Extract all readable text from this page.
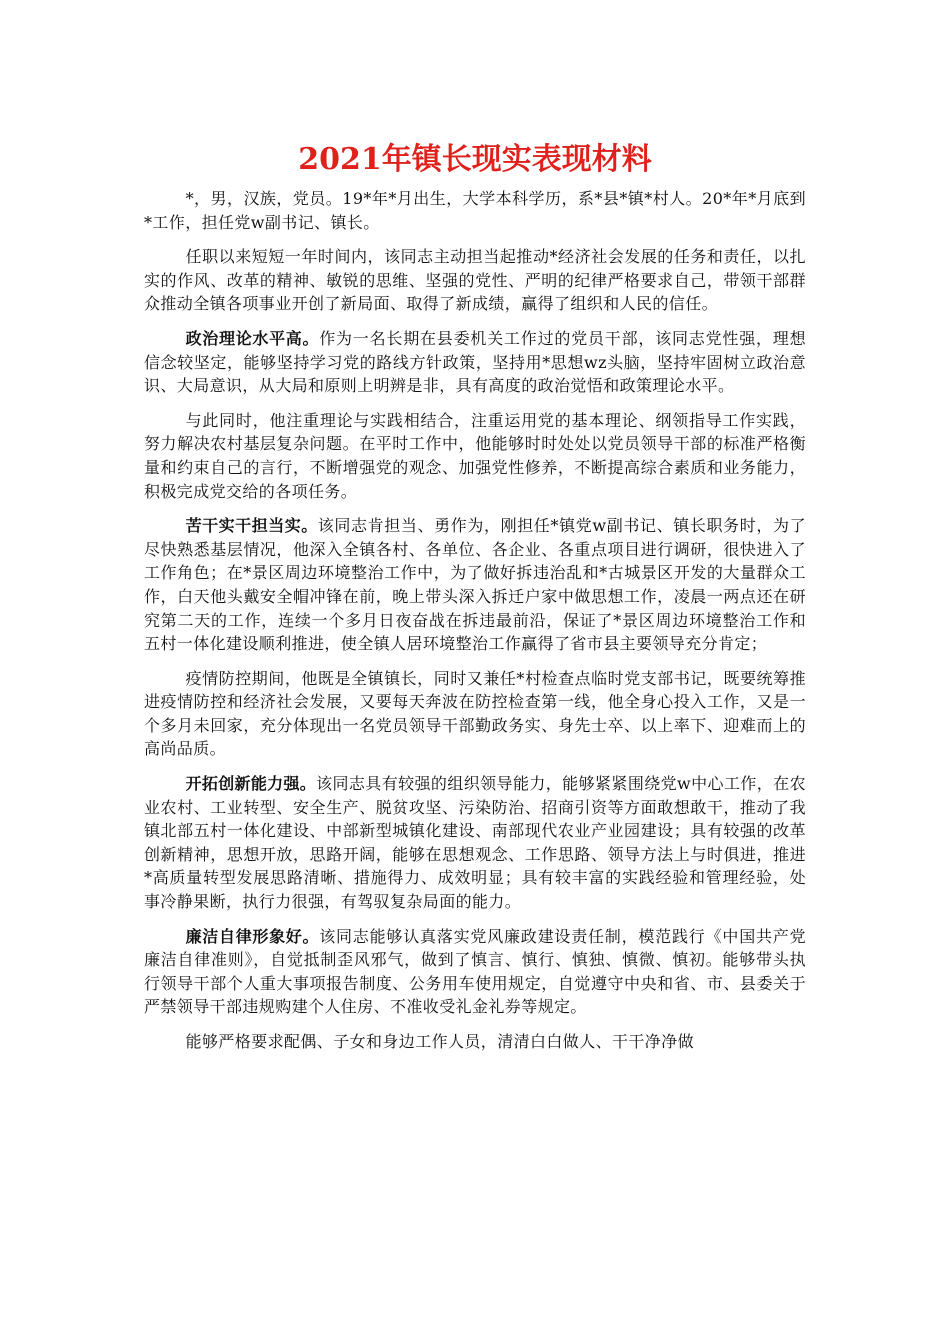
2021年镇长现实表现材料

*，男，汉族，党员。19*年*月出生，大学本科学历，系*县*镇*村人。20*年*月底到*工作，担任党w副书记、镇长。

任职以来短短一年时间内，该同志主动担当起推动*经济社会发展的任务和责任，以扎实的作风、改革的精神、敏锐的思维、坚强的党性、严明的纪律严格要求自己，带领干部群众推动全镇各项事业开创了新局面、取得了新成绩，赢得了组织和人民的信任。

政治理论水平高。作为一名长期在县委机关工作过的党员干部，该同志党性强，理想信念较坚定，能够坚持学习党的路线方针政策，坚持用*思想wz头脑，坚持牢固树立政治意识、大局意识，从大局和原则上明辨是非，具有高度的政治觉悟和政策理论水平。

与此同时，他注重理论与实践相结合，注重运用党的基本理论、纲领指导工作实践，努力解决农村基层复杂问题。在平时工作中，他能够时时处处以党员领导干部的标准严格衡量和约束自己的言行，不断增强党的观念、加强党性修养，不断提高综合素质和业务能力，积极完成党交给的各项任务。

苦干实干担当实。该同志肯担当、勇作为，刚担任*镇党w副书记、镇长职务时，为了尽快熟悉基层情况，他深入全镇各村、各单位、各企业、各重点项目进行调研，很快进入了工作角色；在*景区周边环境整治工作中，为了做好拆违治乱和*古城景区开发的大量群众工作，白天他头戴安全帽冲锋在前，晚上带头深入拆迁户家中做思想工作，凌晨一两点还在研究第二天的工作，连续一个多月日夜奋战在拆违最前沿，保证了*景区周边环境整治工作和五村一体化建设顺利推进，使全镇人居环境整治工作赢得了省市县主要领导充分肯定；

疫情防控期间，他既是全镇镇长，同时又兼任*村检查点临时党支部书记，既要统筹推进疫情防控和经济社会发展，又要每天奔波在防控检查第一线，他全身心投入工作，又是一个多月未回家，充分体现出一名党员领导干部勤政务实、身先士卒、以上率下、迎难而上的高尚品质。

开拓创新能力强。该同志具有较强的组织领导能力，能够紧紧围绕党w中心工作，在农业农村、工业转型、安全生产、脱贫攻坚、污染防治、招商引资等方面敢想敢干，推动了我镇北部五村一体化建设、中部新型城镇化建设、南部现代农业产业园建设；具有较强的改革创新精神，思想开放，思路开阔，能够在思想观念、工作思路、领导方法上与时俱进，推进*高质量转型发展思路清晰、措施得力、成效明显；具有较丰富的实践经验和管理经验，处事冷静果断，执行力很强，有驾驭复杂局面的能力。

廉洁自律形象好。该同志能够认真落实党风廉政建设责任制，模范践行《中国共产党廉洁自律准则》，自觉抵制歪风邪气，做到了慎言、慎行、慎独、慎微、慎初。能够带头执行领导干部个人重大事项报告制度、公务用车使用规定，自觉遵守中央和省、市、县委关于严禁领导干部违规购建个人住房、不准收受礼金礼券等规定。

能够严格要求配偶、子女和身边工作人员，清清白白做人、干干净净做
